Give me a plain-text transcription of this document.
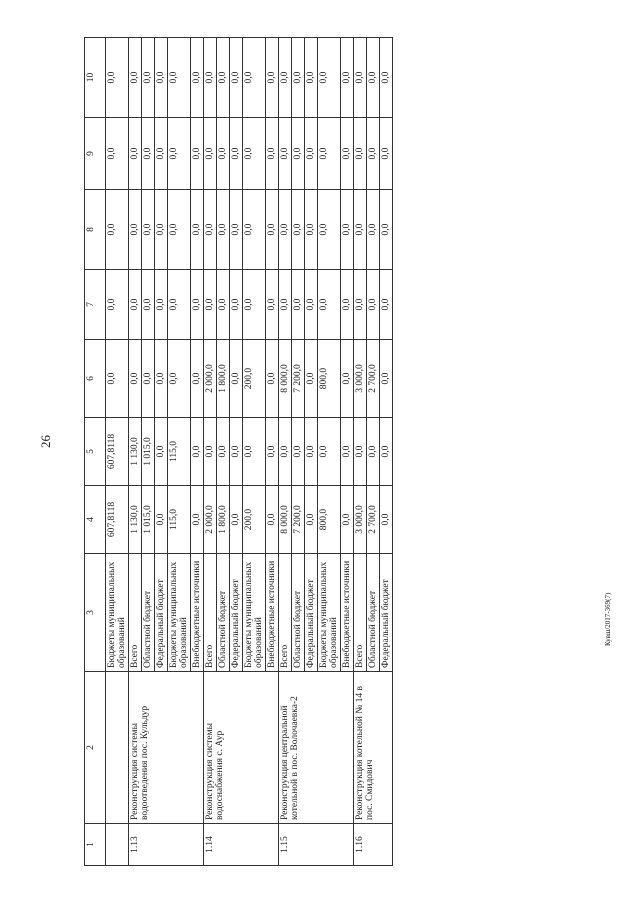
26
Кувш/2017-369(7)
1	2	3	4	5	6	7	8	9	10
		Бюджеты муниципальных образований	607,8118	607,8118	0,0	0,0	0,0	0,0	0,0
1.13	Реконструкция системы водоотведения пос. Кульдур	Всего	1 130,0	1 130,0	0,0	0,0	0,0	0,0	0,0
		Областной бюджет	1 015,0	1 015,0	0,0	0,0	0,0	0,0	0,0
		Федеральный бюджет	0,0	0,0	0,0	0,0	0,0	0,0	0,0
		Бюджеты муниципальных образований	115,0	115,0	0,0	0,0	0,0	0,0	0,0
		Внебюджетные источники	0,0	0,0	0,0	0,0	0,0	0,0	0,0
1.14	Реконструкция системы водоснабжения с. Аур	Всего	2 000,0	0,0	2 000,0	0,0	0,0	0,0	0,0
		Областной бюджет	1 800,0	0,0	1 800,0	0,0	0,0	0,0	0,0
		Федеральный бюджет	0,0	0,0	0,0	0,0	0,0	0,0	0,0
		Бюджеты муниципальных образований	200,0	0,0	200,0	0,0	0,0	0,0	0,0
		Внебюджетные источники	0,0	0,0	0,0	0,0	0,0	0,0	0,0
1.15	Реконструкция центральной котельной в пос. Волочаевка-2	Всего	8 000,0	0,0	8 000,0	0,0	0,0	0,0	0,0
		Областной бюджет	7 200,0	0,0	7 200,0	0,0	0,0	0,0	0,0
		Федеральный бюджет	0,0	0,0	0,0	0,0	0,0	0,0	0,0
		Бюджеты муниципальных образований	800,0	0,0	800,0	0,0	0,0	0,0	0,0
		Внебюджетные источники	0,0	0,0	0,0	0,0	0,0	0,0	0,0
1.16	Реконструкция котельной № 14 в пос. Смидович	Всего	3 000,0	0,0	3 000,0	0,0	0,0	0,0	0,0
		Областной бюджет	2 700,0	0,0	2 700,0	0,0	0,0	0,0	0,0
		Федеральный бюджет	0,0	0,0	0,0	0,0	0,0	0,0	0,0
